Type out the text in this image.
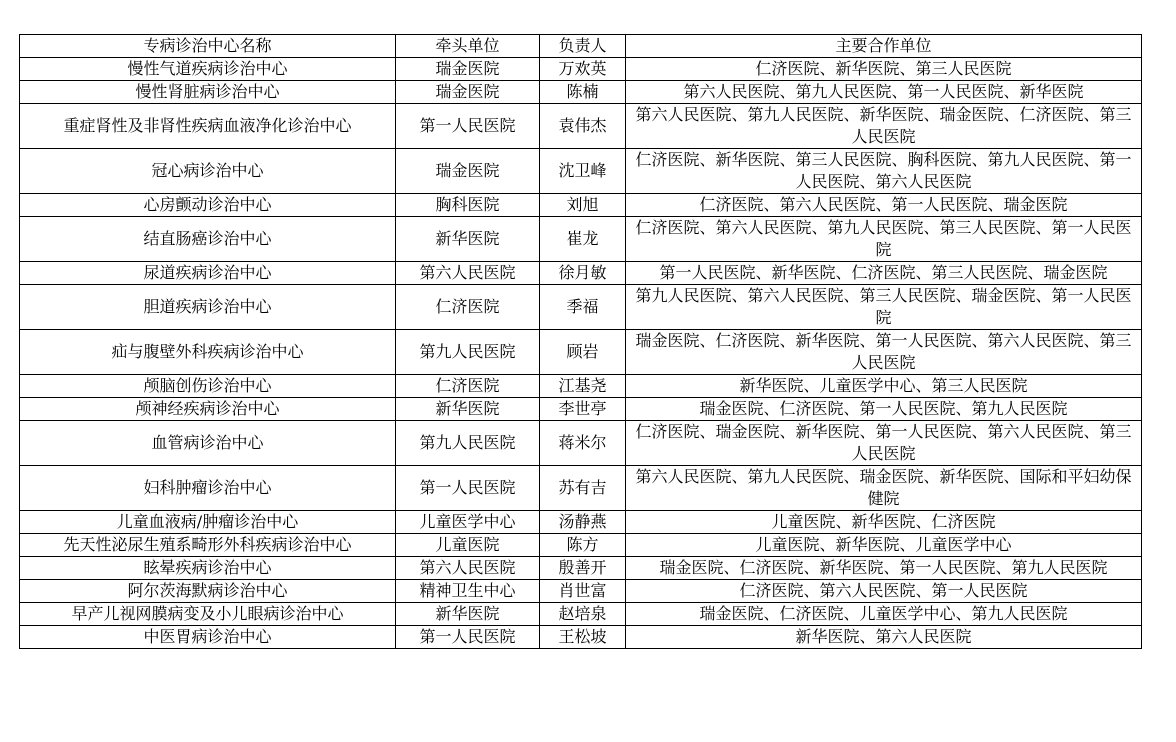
专病诊治中心名称	牵头单位	负责人	主要合作单位
慢性气道疾病诊治中心	瑞金医院	万欢英	仁济医院、新华医院、第三人民医院
慢性肾脏病诊治中心	瑞金医院	陈楠	第六人民医院、第九人民医院、第一人民医院、新华医院
重症肾性及非肾性疾病血液净化诊治中心	第一人民医院	袁伟杰	第六人民医院、第九人民医院、新华医院、瑞金医院、仁济医院、第三人民医院
冠心病诊治中心	瑞金医院	沈卫峰	仁济医院、新华医院、第三人民医院、胸科医院、第九人民医院、第一人民医院、第六人民医院
心房颤动诊治中心	胸科医院	刘旭	仁济医院、第六人民医院、第一人民医院、瑞金医院
结直肠癌诊治中心	新华医院	崔龙	仁济医院、第六人民医院、第九人民医院、第三人民医院、第一人民医院
尿道疾病诊治中心	第六人民医院	徐月敏	第一人民医院、新华医院、仁济医院、第三人民医院、瑞金医院
胆道疾病诊治中心	仁济医院	季福	第九人民医院、第六人民医院、第三人民医院、瑞金医院、第一人民医院
疝与腹壁外科疾病诊治中心	第九人民医院	顾岩	瑞金医院、仁济医院、新华医院、第一人民医院、第六人民医院、第三人民医院
颅脑创伤诊治中心	仁济医院	江基尧	新华医院、儿童医学中心、第三人民医院
颅神经疾病诊治中心	新华医院	李世亭	瑞金医院、仁济医院、第一人民医院、第九人民医院
血管病诊治中心	第九人民医院	蒋米尔	仁济医院、瑞金医院、新华医院、第一人民医院、第六人民医院、第三人民医院
妇科肿瘤诊治中心	第一人民医院	苏有吉	第六人民医院、第九人民医院、瑞金医院、新华医院、国际和平妇幼保健院
儿童血液病/肿瘤诊治中心	儿童医学中心	汤静燕	儿童医院、新华医院、仁济医院
先天性泌尿生殖系畸形外科疾病诊治中心	儿童医院	陈方	儿童医院、新华医院、儿童医学中心
眩晕疾病诊治中心	第六人民医院	殷善开	瑞金医院、仁济医院、新华医院、第一人民医院、第九人民医院
阿尔茨海默病诊治中心	精神卫生中心	肖世富	仁济医院、第六人民医院、第一人民医院
早产儿视网膜病变及小儿眼病诊治中心	新华医院	赵培泉	瑞金医院、仁济医院、儿童医学中心、第九人民医院
中医胃病诊治中心	第一人民医院	王松坡	新华医院、第六人民医院
